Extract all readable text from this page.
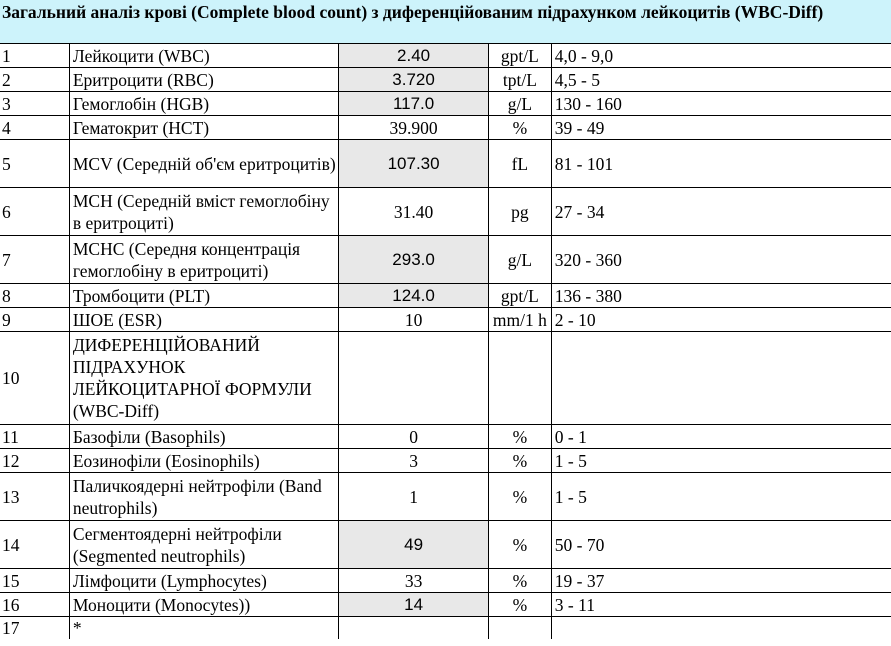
Загальний аналіз крові (Complete blood count) з диференційованим підрахунком лейкоцитів (WBC-Diff)
1	Лейкоцити (WBC)	2.40	gpt/L	4,0 - 9,0
2	Еритроцити (RBC)	3.720	tpt/L	4,5 - 5
3	Гемоглобін (HGB)	117.0	g/L	130 - 160
4	Гематокрит (HCT)	39.900	%	39 - 49
5	MCV (Середній об'єм еритроцитів)	107.30	fL	81 - 101
6	MCH (Середній вміст гемоглобіну в еритроциті)	31.40	pg	27 - 34
7	MCHC (Середня концентрація гемоглобіну в еритроциті)	293.0	g/L	320 - 360
8	Тромбоцити (PLT)	124.0	gpt/L	136 - 380
9	ШОЕ (ESR)	10	mm/1 h	2 - 10
10	ДИФЕРЕНЦІЙОВАНИЙ ПІДРАХУНОК ЛЕЙКОЦИТАРНОЇ ФОРМУЛИ (WBC-Diff)			
11	Базофіли (Basophils)	0	%	0 - 1
12	Еозинофіли (Eosinophils)	3	%	1 - 5
13	Паличкоядерні нейтрофіли (Band neutrophils)	1	%	1 - 5
14	Сегментоядерні нейтрофіли (Segmented neutrophils)	49	%	50 - 70
15	Лімфоцити (Lymphocytes)	33	%	19 - 37
16	Моноцити (Monocytes))	14	%	3 - 11
17	*			
